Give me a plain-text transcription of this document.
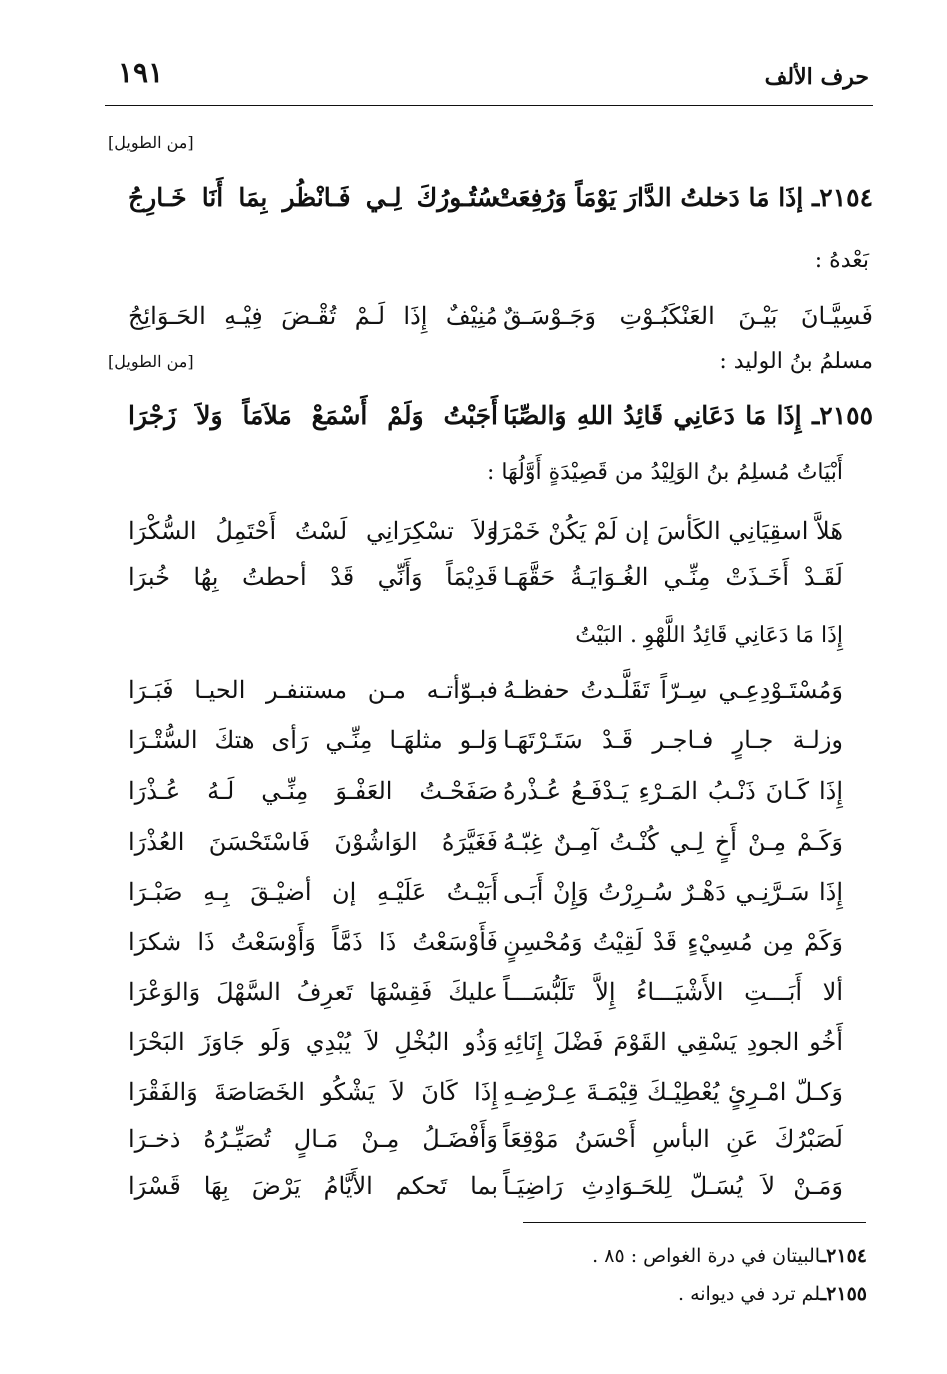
حرف الألف
١٩١
[من الطويل]
٢١٥٤ـ إذَا مَا دَخلتُ الدَّارَ يَوْمَاً وَرُفِعَتْ
سُتُـورُكَ لِـي فَـانْظُر بِمَا أَنَا خَـارِجُ
بَعْدهُ :
فَسِيَّـانَ بَيْـنَ العَنْكَبُـوْتِ وَجَـوْسَـقٌ
مُنِيْفٌ إِذَا لَـمْ تُقْـضَ فِيْـهِ الحَـوَائِجُ
مسلمُ بنُ الوليد :
[من الطويل]
٢١٥٥ـ إِذَا مَا دَعَانِي قَائِدُ اللهِ وَالصِّبَا
أَجَبْتُ وَلَمْ أَسْمَعْ مَلاَمَاً وَلاَ زَجْرَا
أَبْيَاتُ مُسلِمُ بنُ الوَلِيْدُ من قَصِيْدَةٍ أَوَّلُهَا :
هَلاَّ اسقِيَانِي الكَأسَ إن لَمْ يَكُنْ خَمْرَا
وَلاَ تسْكِرَانِي لَسْتُ أَحْتَمِلُ السُّكْرَا
لَقَـدْ أَخَـذَتْ مِنِّـي الغُـوَايَـةُ حَقَّهَـا
قَدِيْمَاً وَأَنِّي قَدْ أحطتُ بِهُا خُبرَا
إِذَا مَا دَعَانِي قَائِدُ اللَّهْوِ . البَيْتُ
وَمُسْتَـوْدِعِـي سِـرّاً تَقَلَّـدتُ حفظـهُ
فبـوّأتـه مـن مستنفـر الحيـا فَبَـرَا
وزلـة جـارٍ فـاجـر قَـدْ سَتَـرْتَهَـا
وَلـو مثلهَـا مِنِّـي رَأى هتكَ السُّتْـرَا
إِذَا كَـانَ ذَنْـبُ المَـرْءِ يَـدْفَـعُ عُـذْرهُ
صَفَحْـتُ العَفْـوَ مِنِّـي لَـهُ عُـذْرَا
وَكَـمْ مِـنْ أَخٍ لِـي كُنْـتُ آمِـنٌ غِبّـهُ
فَغَيَّرَهُ الوَاشُوْنَ فَاسْتَحْسَنَ العُذْرَا
إِذَا سَـرَّنِـي دَهْـرٌ سُـرِرْتُ وَإِنْ أَبَـى
أَبَيْـتُ عَلَيْـهِ إن أضيْـقَ بِـهِ صَبْـرَا
وَكَمْ مِن مُسِيْءٍ قَدْ لَقِيْتُ وَمُحْسِنٍ
فَأَوْسَعْتُ ذَا ذَمَّاً وَأَوْسَعْتُ ذَا شكرَا
ألا أَبَـــتِ الأَشْيَـــاءُ إِلاَّ تَلَبُّسَـــاً
عليكَ فَقِسْهَا تَعرِفُ السَّهْلَ وَالوَعْرَا
أَخُو الجودِ يَسْقِي القَوْمَ فَضْلَ إِنَائِهِ
وَذُو البُخْلِ لاَ يُبْدِي وَلَو جَاوَزَ البَحْرَا
وَكـلّ امْـرِئٍ يُعْطِيْـكَ قِيْمَـةَ عِـرْضِـهِ
إِذَا كَانَ لاَ يَشْكُو الخَصَاصَةَ وَالفَقْرَا
لَصَبْرُكَ عَنِ البأسِ أَحْسَنُ مَوْقِعَاً
وَأَفْضَـلُ مِـنْ مَـالٍ تُصَيِّـرُهُ ذخـرَا
وَمَـنْ لاَ يُسَـلّ لِلحَـوَادِثِ رَاضِيَـاً
بما تَحكم الأَيَّامُ يَرْضَ بِهَا قَسْرَا
٢١٥٤ـالبيتان في درة الغواص : ٨٥ .
٢١٥٥ـلم ترد في ديوانه .
